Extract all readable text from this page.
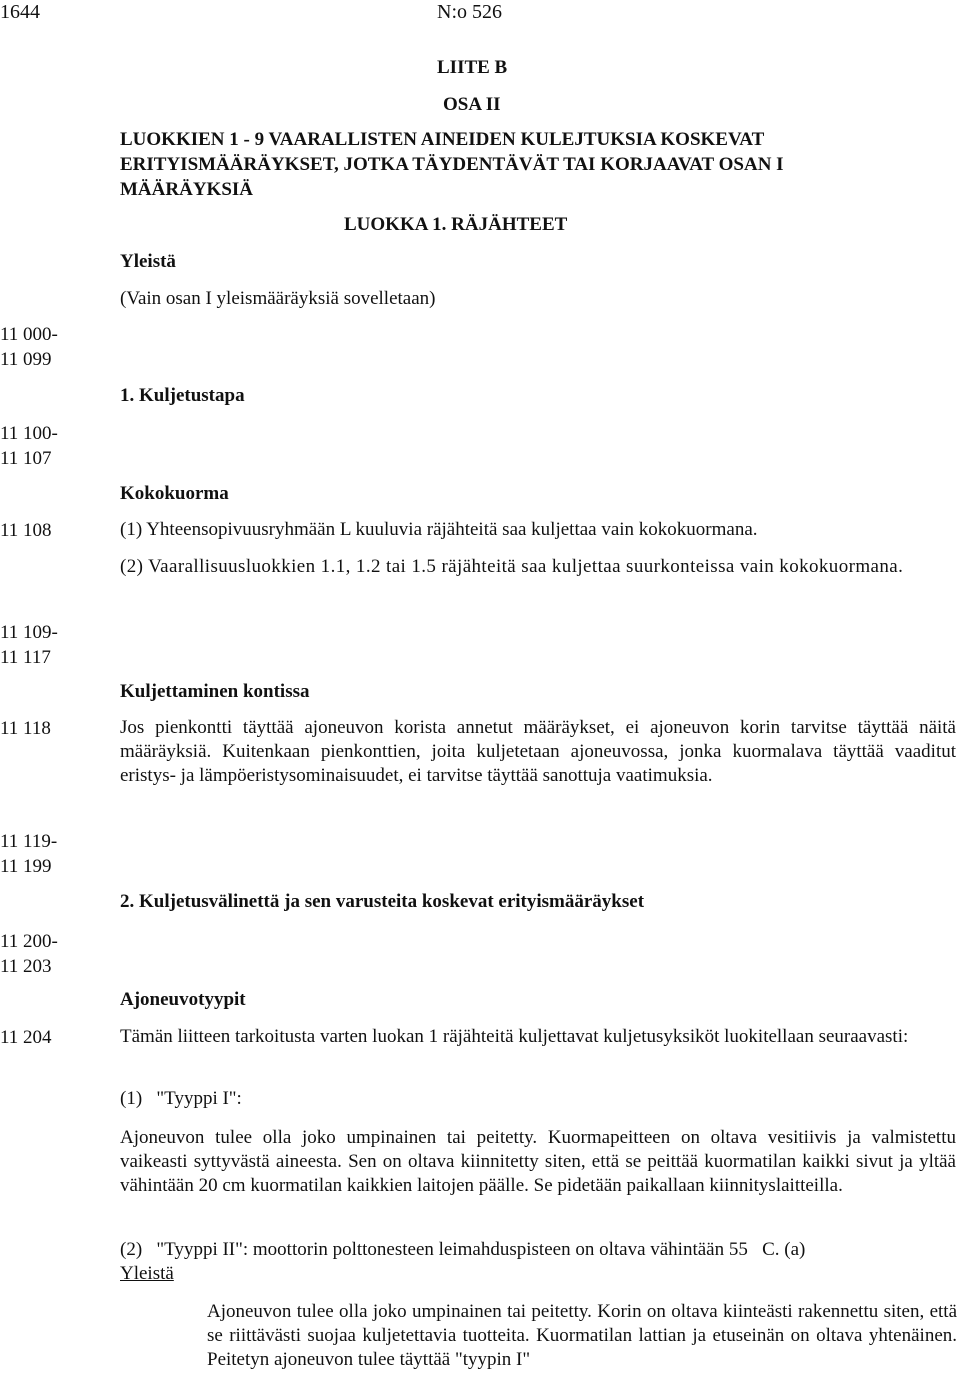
1644	N:o 526
LIITE B
OSA II
LUOKKIEN 1 - 9 VAARALLISTEN AINEIDEN KULEJTUKSIA KOSKEVAT
ERITYISMÄÄRÄYKSET, JOTKA TÄYDENTÄVÄT TAI KORJAAVAT OSAN I
MÄÄRÄYKSIÄ
LUOKKA 1. RÄJÄHTEET
11 000-
11 099
11 100-
11 107
11 108
11 109-
11 117
11 118
11 119-
11 199
11 200-
11 203
11 204
Yleistä
(Vain osan I yleismääräyksiä sovelletaan)
1. Kuljetustapa
Kokokuorma
(1) Yhteensopivuusryhmään L kuuluvia räjähteitä saa kuljettaa vain kokokuormana.
(2) Vaarallisuusluokkien 1.1, 1.2 tai 1.5 räjähteitä saa kuljettaa suurkonteissa vain kokokuormana.
Kuljettaminen kontissa
Jos pienkontti täyttää ajoneuvon korista annetut määräykset, ei ajoneuvon korin tarvitse täyttää näitä määräyksiä. Kuitenkaan pienkonttien, joita kuljetetaan ajoneuvossa, jonka kuormalava täyttää vaaditut eristys- ja lämpöeristysominaisuudet, ei tarvitse täyttää sanottuja vaatimuksia.
2. Kuljetusvälinettä ja sen varusteita koskevat erityismääräykset
Ajoneuvotyypit
Tämän liitteen tarkoitusta varten luokan 1 räjähteitä kuljettavat kuljetusyksiköt luokitellaan seuraavasti:
(1)   "Tyyppi I":
Ajoneuvon tulee olla joko umpinainen tai peitetty. Kuormapeitteen on oltava vesitiivis ja valmistettu vaikeasti syttyvästä aineesta. Sen on oltava kiinnitetty siten, että se peittää kuormatilan kaikki sivut ja yltää vähintään 20 cm kuormatilan kaikkien laitojen päälle. Se pidetään paikallaan kiinnityslaitteilla.
(2)   "Tyyppi II": moottorin polttonesteen leimahduspisteen on oltava vähintään 55   C. (a)
Yleistä
Ajoneuvon tulee olla joko umpinainen tai peitetty. Korin on oltava kiinteästi rakennettu siten, että se riittävästi suojaa kuljetettavia tuotteita. Kuormatilan lattian ja etuseinän on oltava yhtenäinen. Peitetyn ajoneuvon tulee täyttää "tyypin I"
